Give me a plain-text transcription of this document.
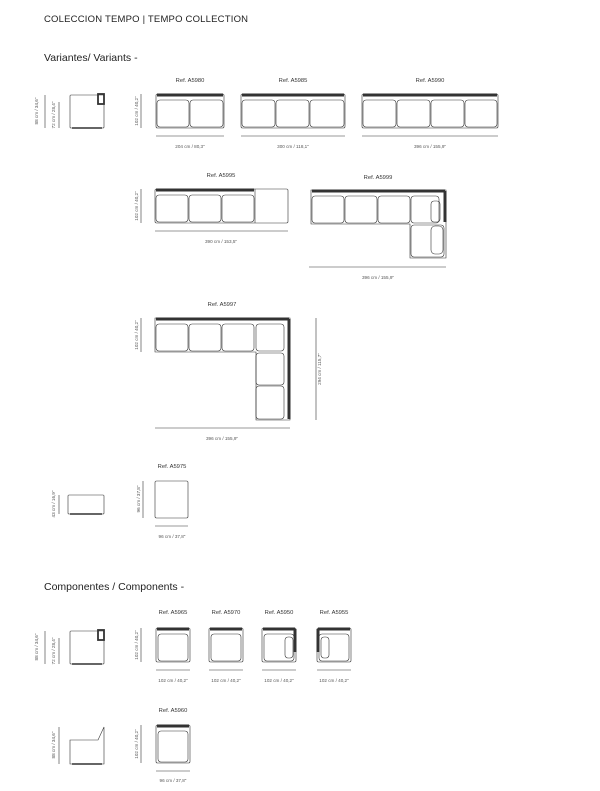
COLECCION TEMPO | TEMPO COLLECTION
Variantes/ Variants -
Componentes / Components -
88 cm / 34,6"	72 cm / 28,4"
Ref. A5980
102 cm / 40,2"
204 cm / 80,3"
Ref. A5985
300 cm / 118,1"
Ref. A5990
396 cm / 155,9"
Ref. A5995
102 cm / 40,2"
390 cm / 153,5"
Ref. A5999
396 cm / 155,9"
Ref. A5997
102 cm / 40,2"
294 cm / 115,7"
396 cm / 155,9"
Ref. A5975
43 cm / 16,9"	96 cm / 37,8"
96 cm / 37,8"
88 cm / 34,6"	72 cm / 28,4"	102 cm / 40,2"
Ref. A5965
102 cm / 40,2"
Ref. A5970
102 cm / 40,2"
Ref. A5950
102 cm / 40,2"
Ref. A5955
102 cm / 40,2"
Ref. A5960
88 cm / 34,6"	102 cm / 40,2"
96 cm / 37,8"
